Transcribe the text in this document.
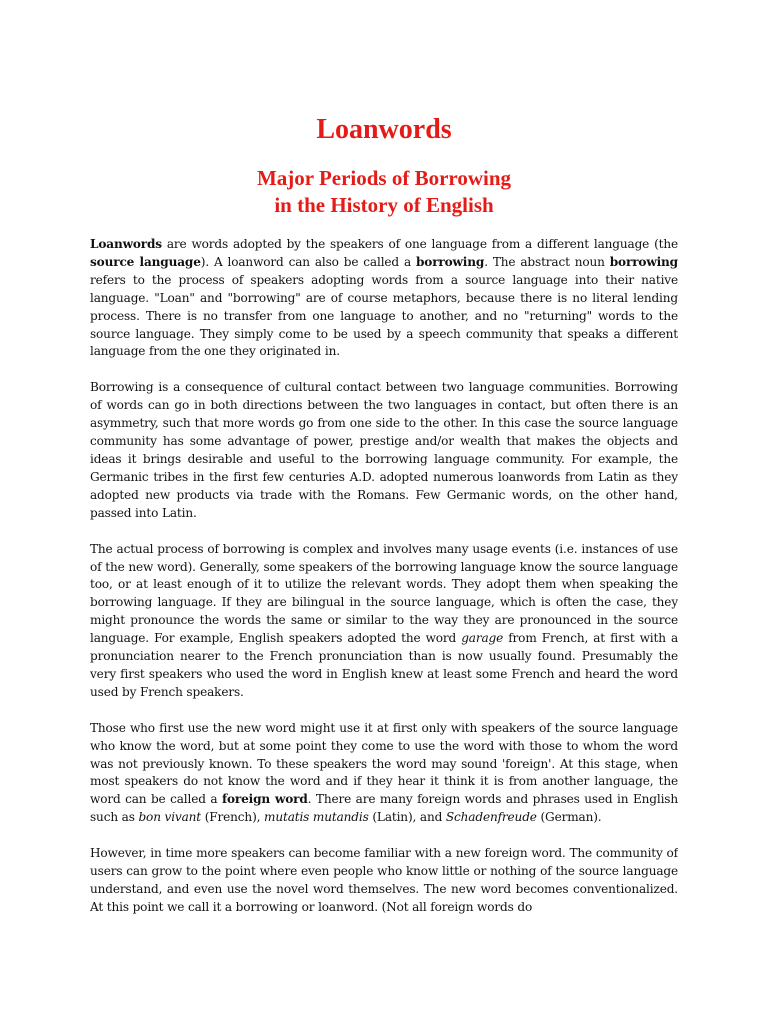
Loanwords
Major Periods of Borrowing
in the History of English

Loanwords are words adopted by the speakers of one language from a different language (the source language). A loanword can also be called a borrowing. The abstract noun borrowing refers to the process of speakers adopting words from a source language into their native language. "Loan" and "borrowing" are of course metaphors, because there is no literal lending process. There is no transfer from one language to another, and no "returning" words to the source language. They simply come to be used by a speech community that speaks a different language from the one they originated in.

Borrowing is a consequence of cultural contact between two language communities. Borrowing of words can go in both directions between the two languages in contact, but often there is an asymmetry, such that more words go from one side to the other. In this case the source language community has some advantage of power, prestige and/or wealth that makes the objects and ideas it brings desirable and useful to the borrowing language community. For example, the Germanic tribes in the first few centuries A.D. adopted numerous loanwords from Latin as they adopted new products via trade with the Romans. Few Germanic words, on the other hand, passed into Latin.

The actual process of borrowing is complex and involves many usage events (i.e. instances of use of the new word). Generally, some speakers of the borrowing language know the source language too, or at least enough of it to utilize the relevant words. They adopt them when speaking the borrowing language. If they are bilingual in the source language, which is often the case, they might pronounce the words the same or similar to the way they are pronounced in the source language. For example, English speakers adopted the word garage from French, at first with a pronunciation nearer to the French pronunciation than is now usually found. Presumably the very first speakers who used the word in English knew at least some French and heard the word used by French speakers.

Those who first use the new word might use it at first only with speakers of the source language who know the word, but at some point they come to use the word with those to whom the word was not previously known. To these speakers the word may sound 'foreign'. At this stage, when most speakers do not know the word and if they hear it think it is from another language, the word can be called a foreign word. There are many foreign words and phrases used in English such as bon vivant (French), mutatis mutandis (Latin), and Schadenfreude (German).

However, in time more speakers can become familiar with a new foreign word. The community of users can grow to the point where even people who know little or nothing of the source language understand, and even use the novel word themselves. The new word becomes conventionalized. At this point we call it a borrowing or loanword. (Not all foreign words do
